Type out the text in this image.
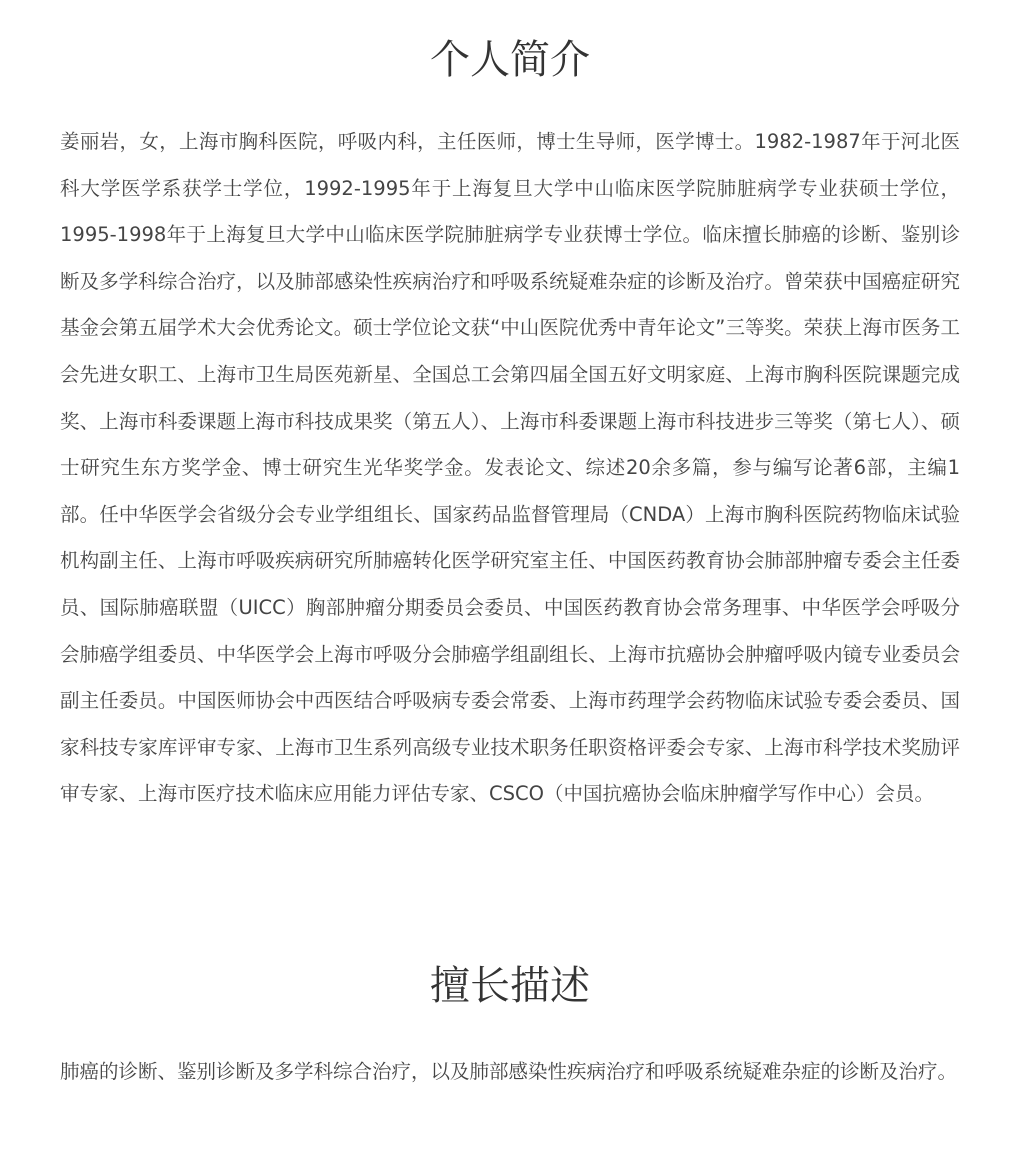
个人简介

姜丽岩，女，上海市胸科医院，呼吸内科，主任医师，博士生导师，医学博士。1982-1987年于河北医科大学医学系获学士学位，1992-1995年于上海复旦大学中山临床医学院肺脏病学专业获硕士学位，1995-1998年于上海复旦大学中山临床医学院肺脏病学专业获博士学位。临床擅长肺癌的诊断、鉴别诊断及多学科综合治疗，以及肺部感染性疾病治疗和呼吸系统疑难杂症的诊断及治疗。曾荣获中国癌症研究基金会第五届学术大会优秀论文。硕士学位论文获“中山医院优秀中青年论文”三等奖。荣获上海市医务工会先进女职工、上海市卫生局医苑新星、全国总工会第四届全国五好文明家庭、上海市胸科医院课题完成奖、上海市科委课题上海市科技成果奖（第五人）、上海市科委课题上海市科技进步三等奖（第七人）、硕士研究生东方奖学金、博士研究生光华奖学金。发表论文、综述20余多篇，参与编写论著6部，主编1部。任中华医学会省级分会专业学组组长、国家药品监督管理局（CNDA）上海市胸科医院药物临床试验机构副主任、上海市呼吸疾病研究所肺癌转化医学研究室主任、中国医药教育协会肺部肿瘤专委会主任委员、国际肺癌联盟（UICC）胸部肿瘤分期委员会委员、中国医药教育协会常务理事、中华医学会呼吸分会肺癌学组委员、中华医学会上海市呼吸分会肺癌学组副组长、上海市抗癌协会肿瘤呼吸内镜专业委员会副主任委员。中国医师协会中西医结合呼吸病专委会常委、上海市药理学会药物临床试验专委会委员、国家科技专家库评审专家、上海市卫生系列高级专业技术职务任职资格评委会专家、上海市科学技术奖励评审专家、上海市医疗技术临床应用能力评估专家、CSCO（中国抗癌协会临床肿瘤学写作中心）会员。

擅长描述

肺癌的诊断、鉴别诊断及多学科综合治疗，以及肺部感染性疾病治疗和呼吸系统疑难杂症的诊断及治疗。
